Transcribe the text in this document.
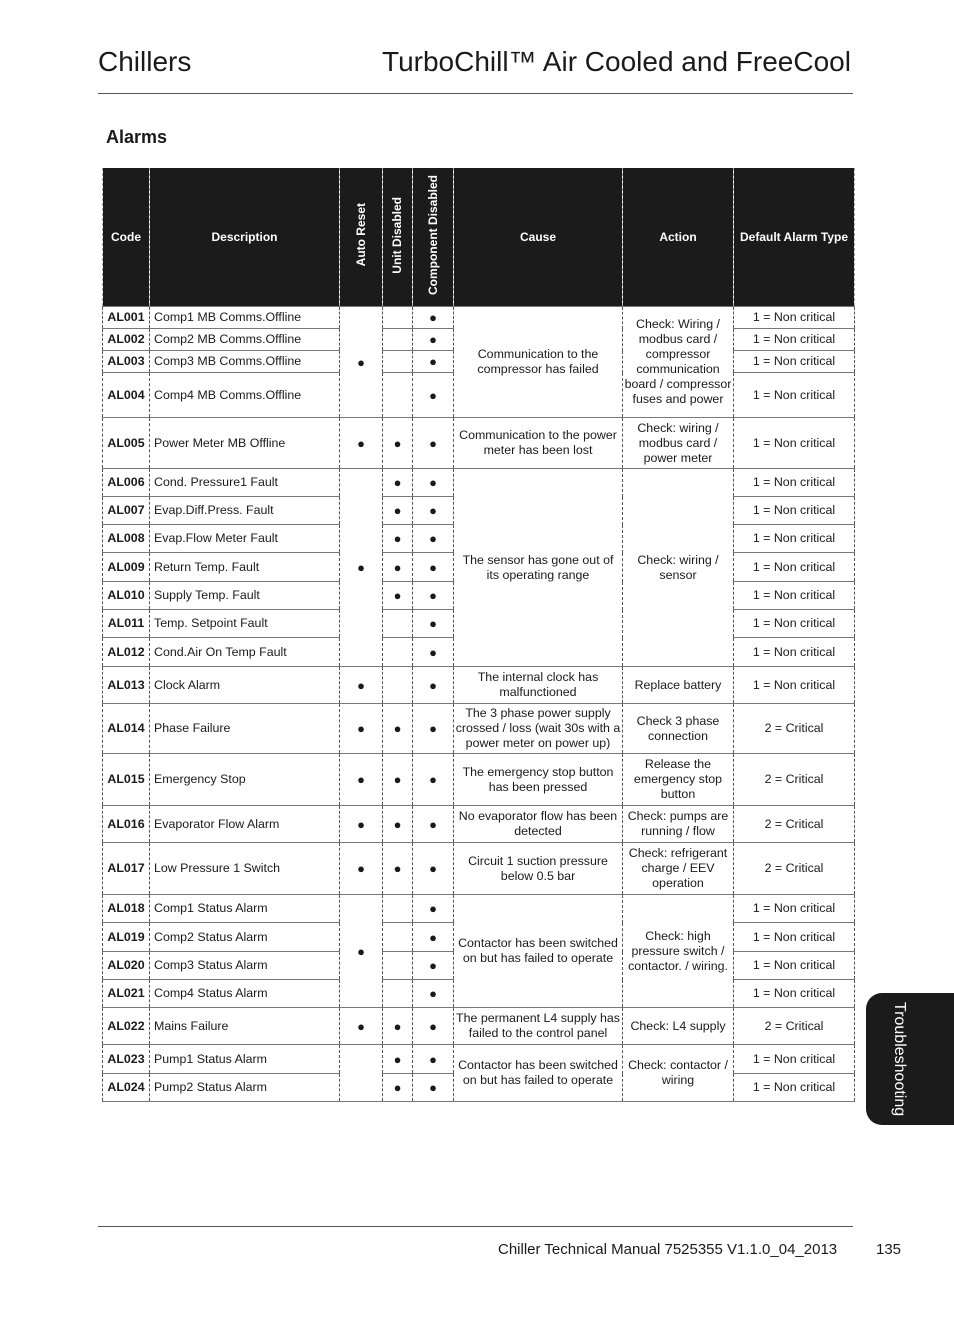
Chillers	TurboChill™ Air Cooled and FreeCool
Alarms
Code	Description	Auto Reset	Unit Disabled	Component Disabled	Cause	Action	Default Alarm Type
AL001	Comp1 MB Comms.Offline	●		●	Communication to the compressor has failed	Check: Wiring / modbus card / compressor communication board / compressor fuses and power	1 = Non critical
AL002	Comp2 MB Comms.Offline			●			1 = Non critical
AL003	Comp3 MB Comms.Offline			●			1 = Non critical
AL004	Comp4 MB Comms.Offline			●			1 = Non critical
AL005	Power Meter MB Offline	●	●	●	Communication to the power meter has been lost	Check: wiring / modbus card / power meter	1 = Non critical
AL006	Cond. Pressure1 Fault	●	●	●	The sensor has gone out of its operating range	Check: wiring / sensor	1 = Non critical
AL007	Evap.Diff.Press. Fault		●	●			1 = Non critical
AL008	Evap.Flow Meter Fault		●	●			1 = Non critical
AL009	Return Temp. Fault		●	●			1 = Non critical
AL010	Supply Temp. Fault		●	●			1 = Non critical
AL011	Temp. Setpoint Fault			●			1 = Non critical
AL012	Cond.Air On Temp Fault			●			1 = Non critical
AL013	Clock Alarm	●		●	The internal clock has malfunctioned	Replace battery	1 = Non critical
AL014	Phase Failure	●	●	●	The 3 phase power supply crossed / loss (wait 30s with a power meter on power up)	Check 3 phase connection	2 = Critical
AL015	Emergency Stop	●	●	●	The emergency stop button has been pressed	Release the emergency stop button	2 = Critical
AL016	Evaporator Flow Alarm	●	●	●	No evaporator flow has been detected	Check: pumps are running / flow	2 = Critical
AL017	Low Pressure 1 Switch	●	●	●	Circuit 1 suction pressure below 0.5 bar	Check: refrigerant charge / EEV operation	2 = Critical
AL018	Comp1 Status Alarm	●		●	Contactor has been switched on but has failed to operate	Check: high pressure switch / contactor. / wiring.	1 = Non critical
AL019	Comp2 Status Alarm			●			1 = Non critical
AL020	Comp3 Status Alarm			●			1 = Non critical
AL021	Comp4 Status Alarm			●			1 = Non critical
AL022	Mains Failure	●	●	●	The permanent L4 supply has failed to the control panel	Check: L4 supply	2 = Critical
AL023	Pump1 Status Alarm		●	●	Contactor has been switched on but has failed to operate	Check: contactor / wiring	1 = Non critical
AL024	Pump2 Status Alarm		●	●			1 = Non critical	Troubleshooting
Chiller Technical Manual 7525355 V1.1.0_04_2013	135
